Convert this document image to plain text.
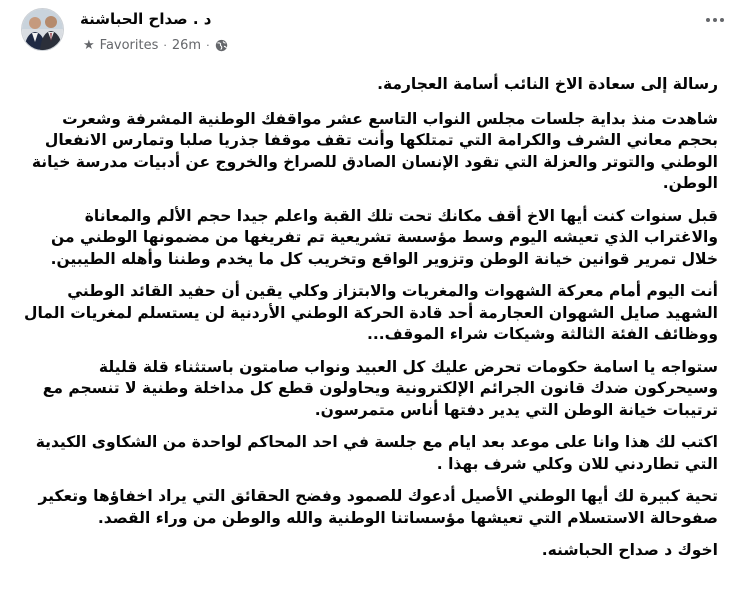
د . صداح الحباشنة
★ Favorites · 26m ·

رسالة إلى سعادة الاخ النائب أسامة العجارمة.

شاهدت منذ بداية جلسات مجلس النواب التاسع عشر مواقفك الوطنية المشرفة وشعرت بحجم معاني الشرف والكرامة التي تمتلكها وأنت تقف موقفا جذريا صلبا وتمارس الانفعال الوطني والتوتر والعزلة التي تقود الإنسان الصادق للصراخ والخروج عن أدبيات مدرسة خيانة الوطن.

قبل سنوات كنت أيها الاخ أقف مكانك تحت تلك القبة واعلم جيدا حجم الألم والمعاناة والاغتراب الذي تعيشه اليوم وسط مؤسسة تشريعية تم تفريغها من مضمونها الوطني من خلال تمرير قوانين خيانة الوطن وتزوير الواقع وتخريب كل ما يخدم وطننا وأهله الطيبين.

أنت اليوم أمام معركة الشهوات والمغريات والابتزاز وكلي يقين أن حفيد القائد الوطني الشهيد صايل الشهوان العجارمة أحد قادة الحركة الوطني الأردنية لن يستسلم لمغريات المال ووظائف الفئة الثالثة وشيكات شراء الموقف...

ستواجه يا اسامة حكومات تحرض عليك كل العبيد ونواب صامتون باستثناء قلة قليلة وسيحركون ضدك قانون الجرائم الإلكترونية ويحاولون قطع كل مداخلة وطنية لا تنسجم مع ترتيبات خيانة الوطن التي يدير دفتها أناس متمرسون.

اكتب لك هذا وانا على موعد بعد ايام مع جلسة في احد المحاكم لواحدة من الشكاوى الكيدية التي تطاردني للان وكلي شرف بهذا .

تحية كبيرة لك أيها الوطني الأصيل أدعوك للصمود وفضح الحقائق التي يراد اخفاؤها وتعكير صفوحالة الاستسلام التي تعيشها مؤسساتنا الوطنية والله والوطن من وراء القصد.

اخوك د صداح الحباشنه.
